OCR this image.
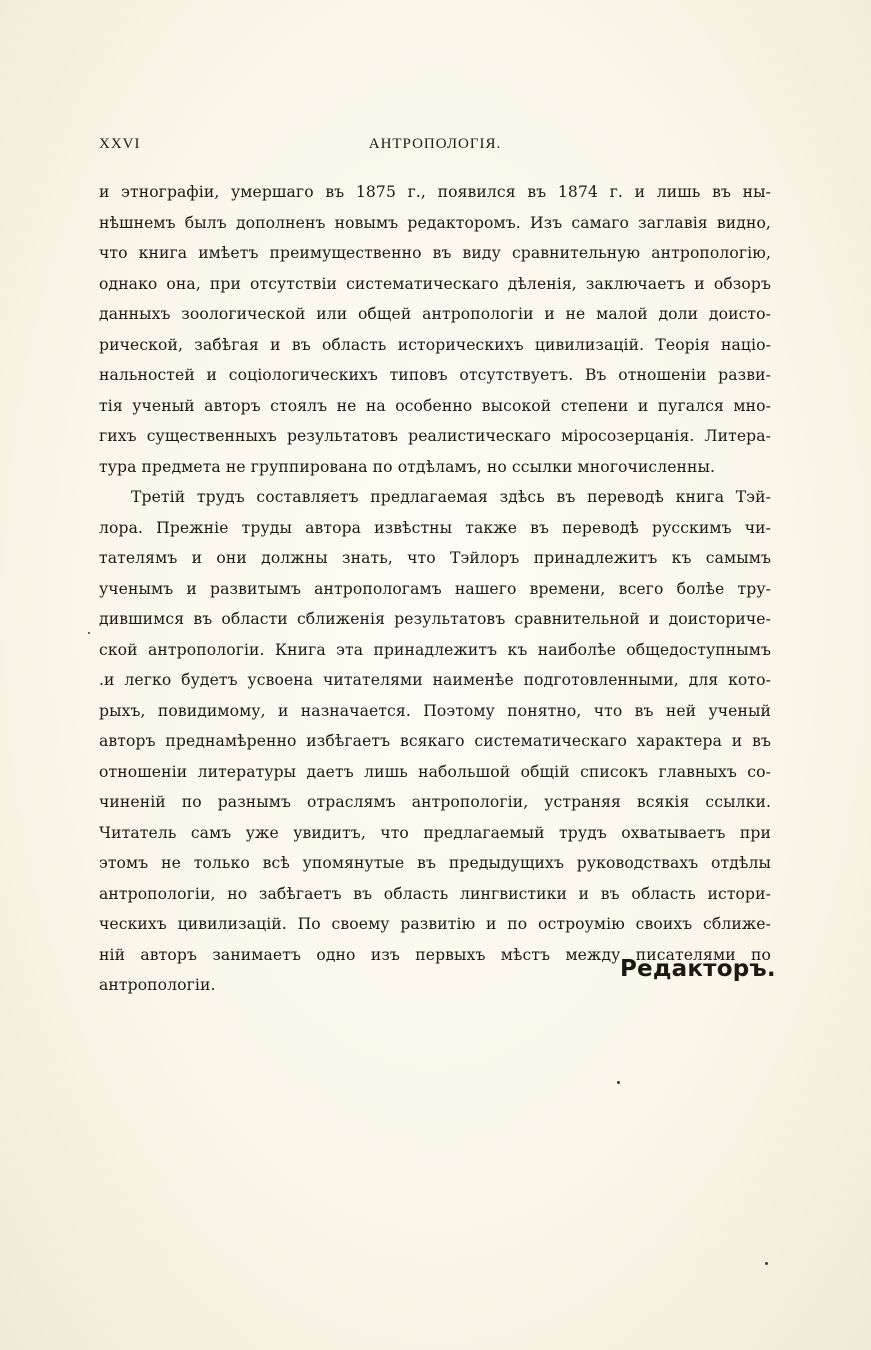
XXVI	АНТРОПОЛОГІЯ.
и этнографіи, умершаго въ 1875 г., появился въ 1874 г. и лишь въ ны-
нѣшнемъ былъ дополненъ новымъ редакторомъ. Изъ самаго заглавія видно,
что книга имѣетъ преимущественно въ виду сравнительную антропологію,
однако она, при отсутствіи систематическаго дѣленія, заключаетъ и обзоръ
данныхъ зоологической или общей антропологіи и не малой доли доисто-
рической, забѣгая и въ область историческихъ цивилизацій. Теорія націо-
нальностей и соціологическихъ типовъ отсутствуетъ. Въ отношеніи разви-
тія ученый авторъ стоялъ не на особенно высокой степени и пугался мно-
гихъ существенныхъ результатовъ реалистическаго міросозерцанія. Литера-
тура предмета не группирована по отдѣламъ, но ссылки многочисленны.
Третій трудъ составляетъ предлагаемая здѣсь въ переводѣ книга Тэй-
лора. Прежніе труды автора извѣстны также въ переводѣ русскимъ чи-
тателямъ и они должны знать, что Тэйлоръ принадлежитъ къ самымъ
ученымъ и развитымъ антропологамъ нашего времени, всего болѣе тру-
дившимся въ области сближенія результатовъ сравнительной и доисториче-
ской антропологіи. Книга эта принадлежитъ къ наиболѣе общедоступнымъ
.и легко будетъ усвоена читателями наименѣе подготовленными, для кото-
рыхъ, повидимому, и назначается. Поэтому понятно, что въ ней ученый
авторъ преднамѣренно избѣгаетъ всякаго систематическаго характера и въ
отношеніи литературы даетъ лишь набольшой общій списокъ главныхъ со-
чиненій по разнымъ отраслямъ антропологіи, устраняя всякія ссылки.
Читатель самъ уже увидитъ, что предлагаемый трудъ охватываетъ при
этомъ не только всѣ упомянутые въ предыдущихъ руководствахъ отдѣлы
антропологіи, но забѣгаетъ въ область лингвистики и въ область истори-
ческихъ цивилизацій. По своему развитію и по остроумію своихъ сближе-
ній авторъ занимаетъ одно изъ первыхъ мѣстъ между писателями по
антропологіи.
Редакторъ.
